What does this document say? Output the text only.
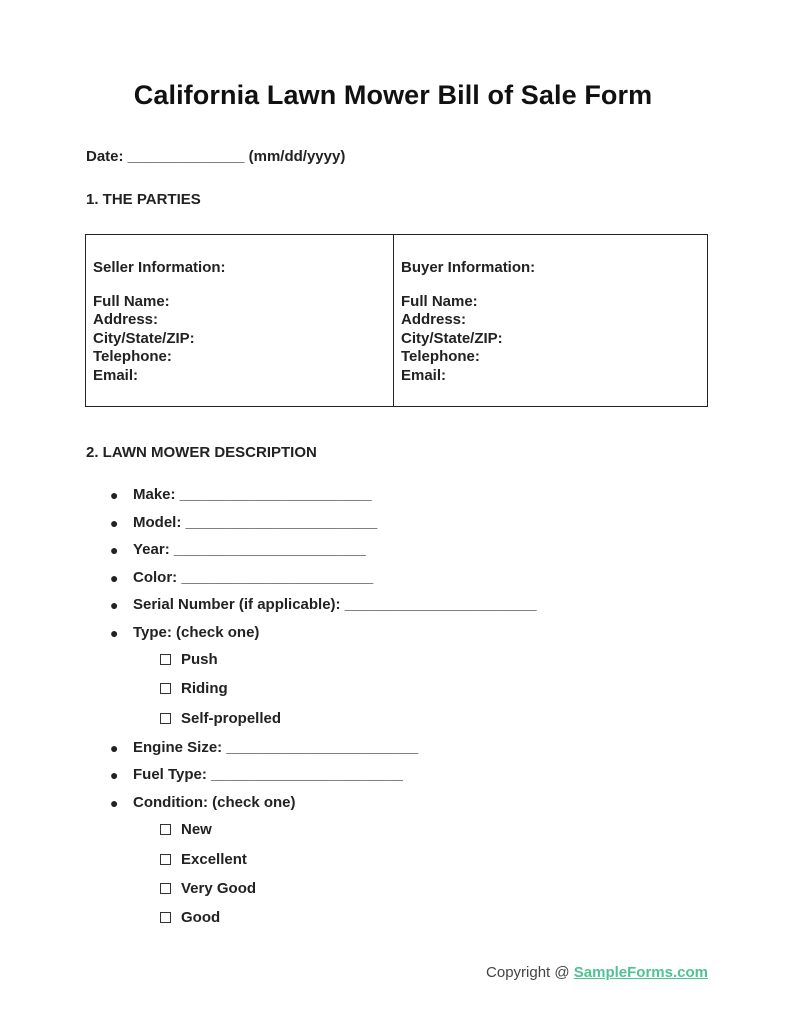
California Lawn Mower Bill of Sale Form
Date: ______________ (mm/dd/yyyy)
1. THE PARTIES
Seller Information:
Full Name:
Address:
City/State/ZIP:
Telephone:
Email:
Buyer Information:
Full Name:
Address:
City/State/ZIP:
Telephone:
Email:
2. LAWN MOWER DESCRIPTION
● Make: _______________________
● Model: _______________________
● Year: _______________________
● Color: _______________________
● Serial Number (if applicable): _______________________
● Type: (check one)
Push
Riding
Self-propelled
● Engine Size: _______________________
● Fuel Type: _______________________
● Condition: (check one)
New
Excellent
Very Good
Good
Copyright @ SampleForms.com
